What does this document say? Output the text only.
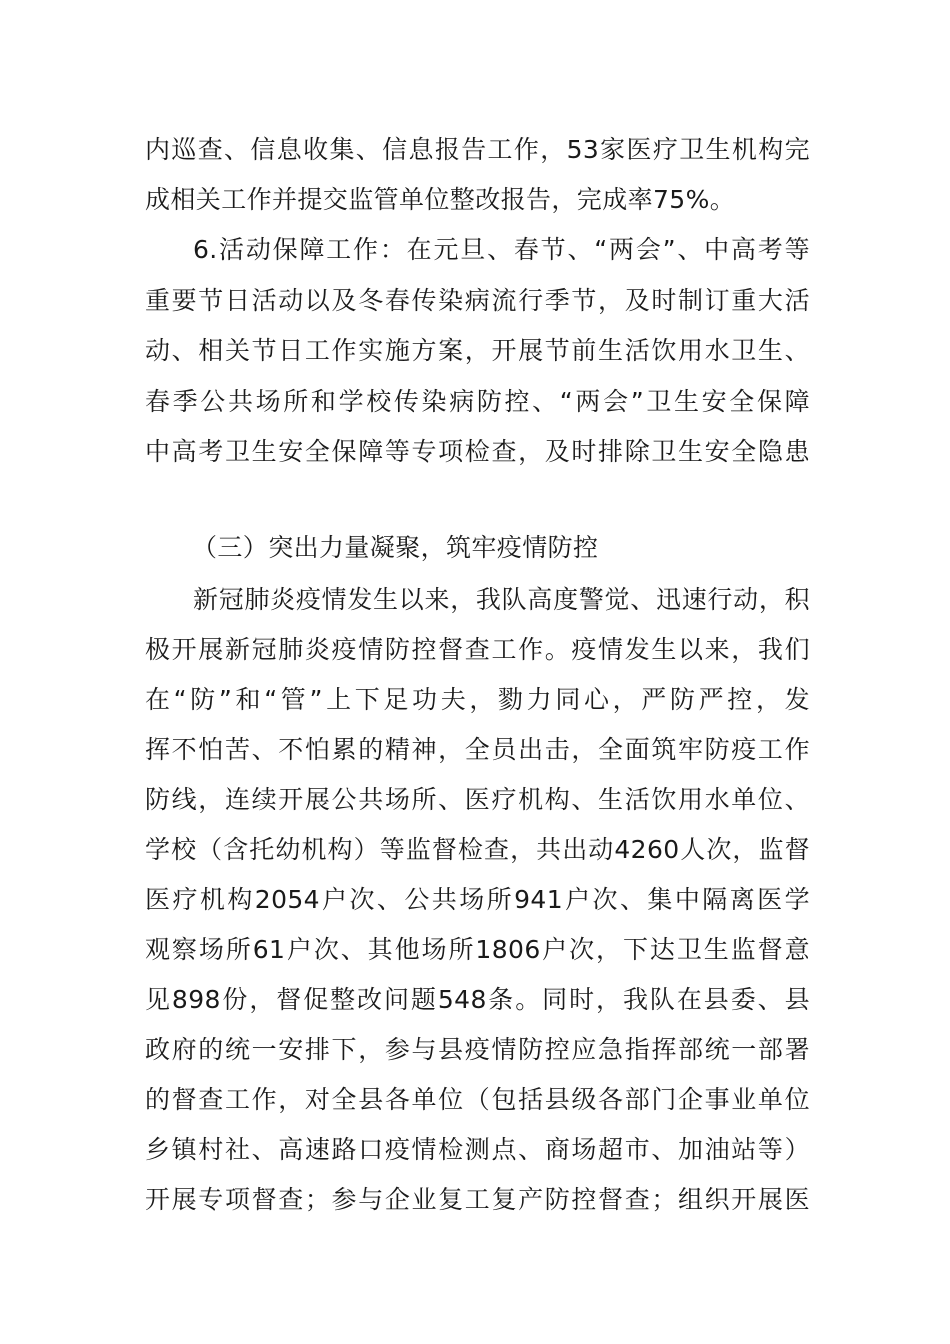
内巡查、信息收集、信息报告工作，53家医疗卫生机构完
成相关工作并提交监管单位整改报告，完成率75%。
6.活动保障工作：在元旦、春节、“两会”、中高考等
重要节日活动以及冬春传染病流行季节，及时制订重大活
动、相关节日工作实施方案，开展节前生活饮用水卫生、
春季公共场所和学校传染病防控、“两会”卫生安全保障
中高考卫生安全保障等专项检查，及时排除卫生安全隐患
（三）突出力量凝聚，筑牢疫情防控
新冠肺炎疫情发生以来，我队高度警觉、迅速行动，积
极开展新冠肺炎疫情防控督查工作。疫情发生以来，我们
在“防”和“管”上下足功夫，勠力同心，严防严控，发
挥不怕苦、不怕累的精神，全员出击，全面筑牢防疫工作
防线，连续开展公共场所、医疗机构、生活饮用水单位、
学校（含托幼机构）等监督检查，共出动4260人次，监督
医疗机构2054户次、公共场所941户次、集中隔离医学
观察场所61户次、其他场所1806户次，下达卫生监督意
见898份，督促整改问题548条。同时，我队在县委、县
政府的统一安排下，参与县疫情防控应急指挥部统一部署
的督查工作，对全县各单位（包括县级各部门企事业单位
乡镇村社、高速路口疫情检测点、商场超市、加油站等）
开展专项督查；参与企业复工复产防控督查；组织开展医
